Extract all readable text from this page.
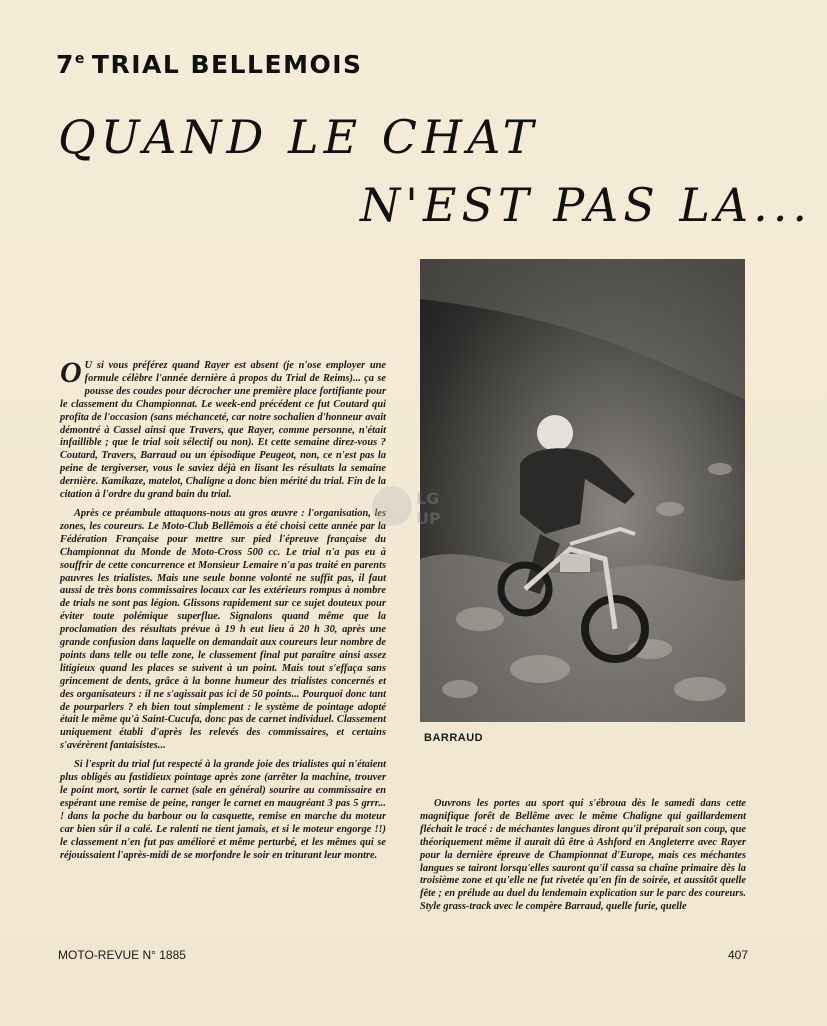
7e TRIAL BELLEMOIS
QUAND LE CHAT
N'EST PAS LA...

O U si vous préférez quand Rayer est absent (je n'ose employer une formule célèbre l'année dernière à propos du Trial de Reims)... ça se pousse des coudes pour décrocher une première place fortifiante pour le classement du Championnat. Le week-end précédent ce fut Coutard qui profita de l'occasion (sans méchanceté, car notre sochalien d'honneur avait démontré à Cassel ainsi que Travers, que Rayer, comme personne, n'était infaillible ; que le trial soit sélectif ou non). Et cette semaine direz-vous ? Coutard, Travers, Barraud ou un épisodique Peugeot, non, ce n'est pas la peine de tergiverser, vous le saviez déjà en lisant les résultats la semaine dernière. Kamikaze, matelot, Chaligne a donc bien mérité du trial. Fin de la citation à l'ordre du grand bain du trial.

Après ce préambule attaquons-nous au gros œuvre : l'organisation, les zones, les coureurs. Le Moto-Club Bellêmois a été choisi cette année par la Fédération Française pour mettre sur pied l'épreuve française du Championnat du Monde de Moto-Cross 500 cc. Le trial n'a pas eu à souffrir de cette concurrence et Monsieur Lemaire n'a pas traité en parents pauvres les trialistes. Mais une seule bonne volonté ne suffit pas, il faut aussi de très bons commissaires locaux car les extérieurs rompus à nombre de trials ne sont pas légion. Glissons rapidement sur ce sujet douteux pour éviter toute polémique superflue. Signalons quand même que la proclamation des résultats prévue à 19 h eut lieu à 20 h 30, après une grande confusion dans laquelle on demandait aux coureurs leur nombre de points dans telle ou telle zone, le classement final put paraître ainsi assez litigieux quand les places se suivent à un point. Mais tout s'effaça sans grincement de dents, grâce à la bonne humeur des trialistes concernés et des organisateurs : il ne s'agissait pas ici de 50 points... Pourquoi donc tant de pourparlers ? eh bien tout simplement : le système de pointage adopté était le même qu'à Saint-Cucufa, donc pas de carnet individuel. Classement uniquement établi d'après les relevés des commissaires, et certains s'avérèrent fantaisistes...

Si l'esprit du trial fut respecté à la grande joie des trialistes qui n'étaient plus obligés au fastidieux pointage après zone (arrêter la machine, trouver le point mort, sortir le carnet (sale en général) sourire au commissaire en espérant une remise de peine, ranger le carnet en maugréant 3 pas 5 grrr... ! dans la poche du barbour ou la casquette, remise en marche du moteur car bien sûr il a calé. Le ralenti ne tient jamais, et si le moteur engorge !!) le classement n'en fut pas amélioré et même perturbé, et les mêmes qui se réjouissaient l'après-midi de se morfondre le soir en triturant leur montre.

BARRAUD

Ouvrons les portes au sport qui s'ébroua dès le samedi dans cette magnifique forêt de Bellême avec le même Chaligne qui gaillardement fléchait le tracé : de méchantes langues diront qu'il préparait son coup, que théoriquement même il aurait dû être à Ashford en Angleterre avec Rayer pour la dernière épreuve de Championnat d'Europe, mais ces méchantes langues se tairont lorsqu'elles sauront qu'il cassa sa chaîne primaire dès la troisième zone et qu'elle ne fut rivetée qu'en fin de soirée, et aussitôt quelle fête ; en prélude au duel du lendemain explication sur le parc des coureurs. Style grass-track avec le compère Barraud, quelle furie, quelle

LG
UP
MOTO-REVUE N° 1885	407
